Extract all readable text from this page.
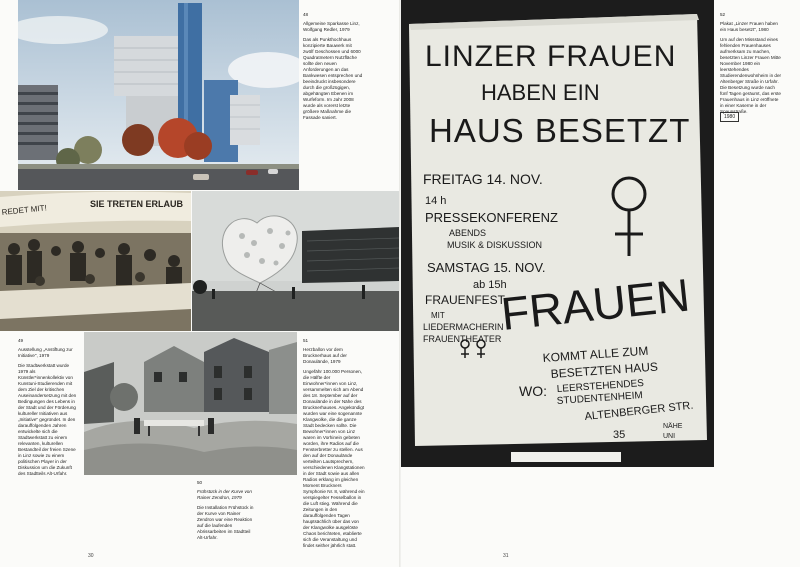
REDET MIT!	SIE TRETEN ERLAUB
LINZER FRAUEN
HABEN EIN
HAUS BESETZT
FREITAG 14. NOV.
14 h
PRESSEKONFERENZ
ABENDS
MUSIK & DISKUSSION
SAMSTAG 15. NOV.
ab 15h
FRAUENFEST
MIT
LIEDERMACHERIN
FRAUENTHEATER
FRAUEN
KOMMT ALLE ZUM
BESETZTEN HAUS
WO: LEERSTEHENDES
STUDENTENHEIM
ALTENBERGER STR.
35
NÄHE
UNI
48
Allgemeine Sparkasse Linz, Wolfgang Redler, 1979
Das als Punkthochhaus konzipierte Bauwerk mit zwölf Geschossen und 6000 Quadratmetern Nutzfläche sollte den neuen Anforderungen an das Bankwesen entsprechen und beeindruckt insbesondere durch die großzügigen, abgehängten Ebenen im Wurfeform. Im Jahr 2008 wurde als vorerst letzte größere Maßnahme die Fassade saniert.
49
Ausstellung „Anstiftung zur Initiative", 1979
Die Stadtwerkstatt wurde 1979 als Künstler*innenkollektiv von Kunstuni-Studierenden mit dem Ziel der kritischen Auseinandersetzung mit den Bedingungen des Lebens in der Stadt und der Förderung kultureller Initiativen aus „Initiative" gegründet. In den darauffolgenden Jahren entwickelte sich die Stadtwerkstatt zu einem relevanten, kulturellen Bestandteil der freien Szene in Linz sowie zu einem politischen Player in der Diskussion um die Zukunft des Stadtteils Alt-Urfahr.
50
Frühstück in der Kurve von Rainer Zendron, 1979
Die Installation Frühstück in der Kurve von Rainer Zendron war eine Reaktion auf die laufenden Abrissarbeiten im Stadtteil Alt-Urfahr.
51
Herzballon vor dem Brucknerhaus auf der Donaulände, 1979
Ungefähr 100.000 Personen, die Hälfte der Einwohner*innen von Linz, versammelten sich am Abend des 18. September auf der Donaulände in der Nähe des Brucknerhauses. Angekündigt wurden war eine sogenannte Klangwolke, die die ganze Stadt bedecken sollte. Die Bewohner*innen von Linz waren im Vorhinein gebeten worden, ihre Radios auf die Fensterbretter zu stellen. Aus den auf der Donaulände verteilten Lautsprechern, verschiedenen Klangstationen in der Stadt sowie aus allen Radios erklang im gleichen Moment Bruckners Symphonie Nr. 8, während ein verspiegelter Fesselballon in die Luft stieg. Während die Zeitungen in den darauffolgenden Tagen hauptsächlich über das von der Klangwolke ausgelöste Chaos berichteten, etablierte sich die Veranstaltung und findet seither jährlich statt.
52
Plakat „Linzer Frauen haben ein Haus besetzt", 1980
Um auf den Missstand eines fehlenden Frauenhauses aufmerksam zu machen, besetzten Linzer Frauen Mitte November 1980 ein leerstehendes Studierendenwohnheim in der Altenberger Straße in Urfahr. Die Besetzung wurde nach fünf Tagen geräumt, das erste Frauenhaus in Linz eröffnete in einer Kaserne in der Spaunstraße.
1980
30	31
